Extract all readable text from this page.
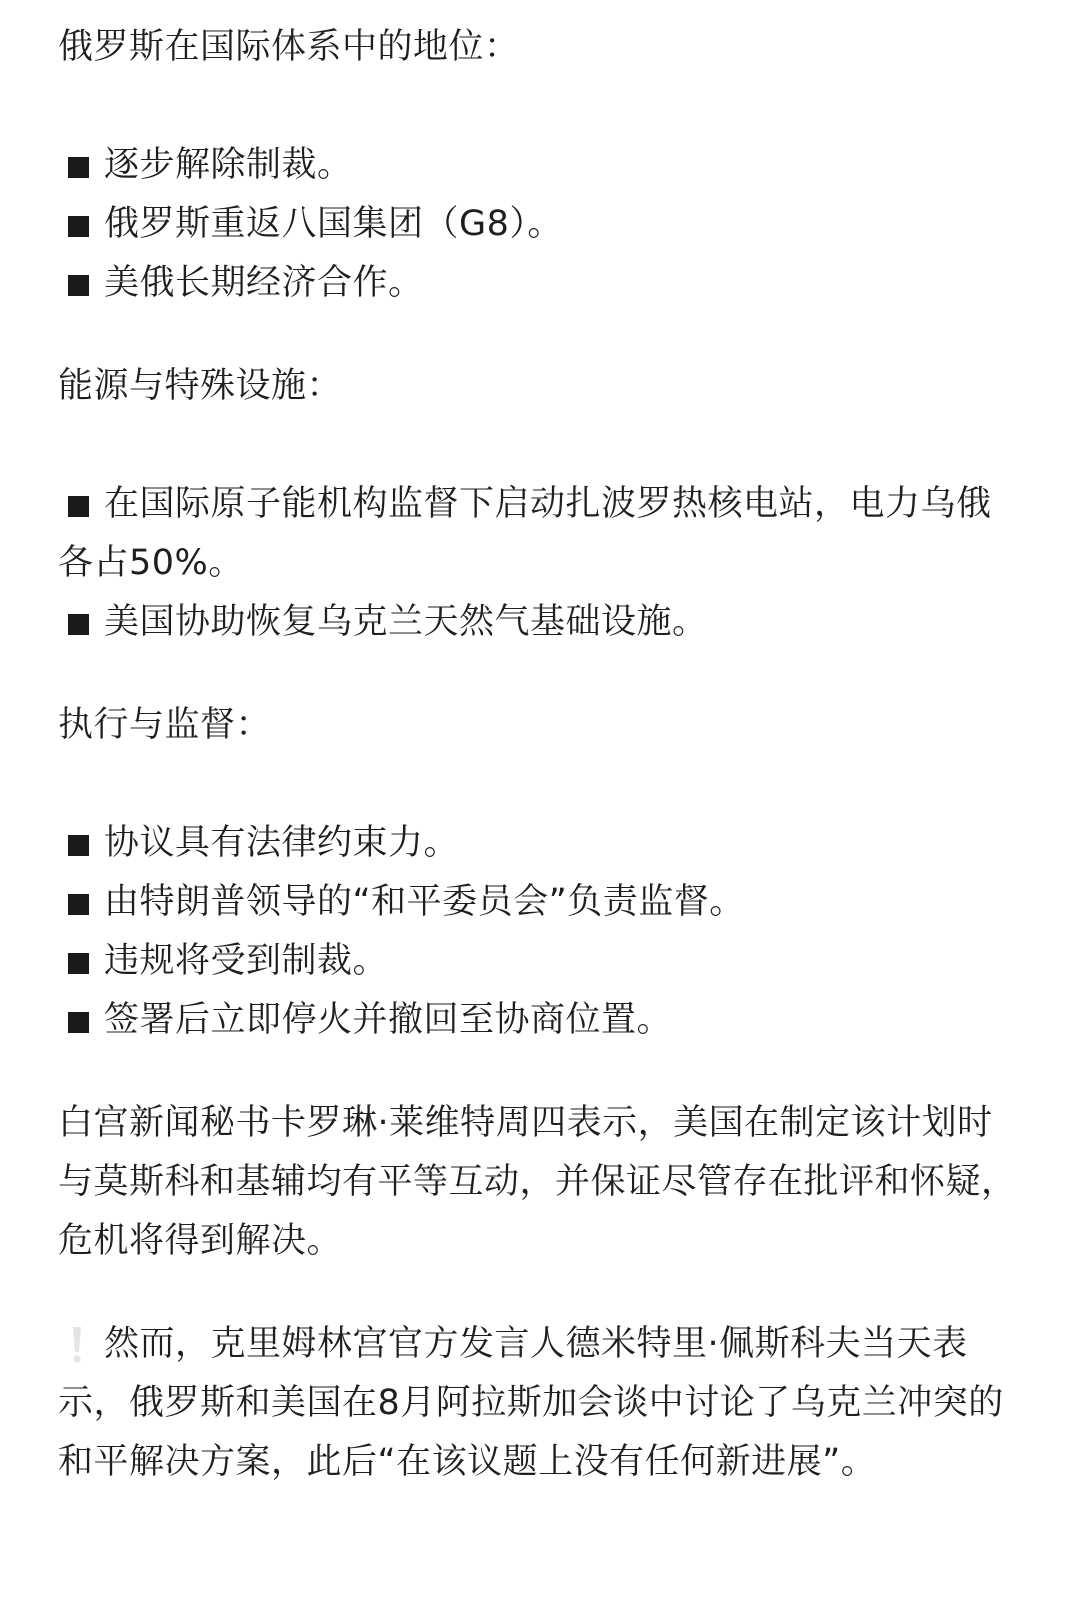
俄罗斯在国际体系中的地位：

逐步解除制裁。

俄罗斯重返八国集团（G8）。

美俄长期经济合作。

能源与特殊设施：

在国际原子能机构监督下启动扎波罗热核电站，电力乌俄各占50%。

美国协助恢复乌克兰天然气基础设施。

执行与监督：

协议具有法律约束力。

由特朗普领导的“和平委员会”负责监督。

违规将受到制裁。

签署后立即停火并撤回至协商位置。

白宫新闻秘书卡罗琳·莱维特周四表示，美国在制定该计划时与莫斯科和基辅均有平等互动，并保证尽管存在批评和怀疑，危机将得到解决。

然而，克里姆林宫官方发言人德米特里·佩斯科夫当天表示，俄罗斯和美国在8月阿拉斯加会谈中讨论了乌克兰冲突的和平解决方案，此后“在该议题上没有任何新进展”。
